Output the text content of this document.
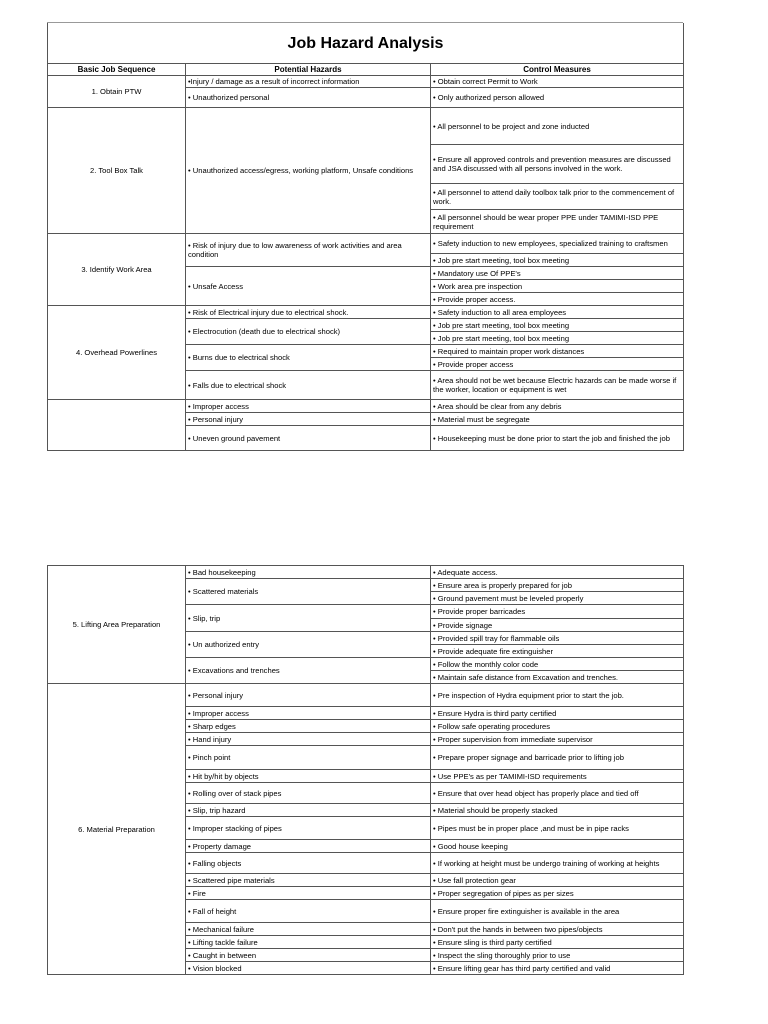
Job Hazard Analysis		
Basic Job Sequence	Potential Hazards	Control Measures
1. Obtain PTW	•Injury / damage as a result of incorrect information	• Obtain correct Permit to Work
	• Unauthorized personal	• Only authorized person allowed
2. Tool Box Talk	• Unauthorized access/egress, working platform, Unsafe conditions	• All personnel to be project and zone inducted
		• Ensure all approved controls and prevention measures are discussed and JSA discussed with all persons involved in the work.
		• All personnel to attend daily toolbox talk prior to the commencement of work.
		• All personnel should be wear proper PPE under TAMIMI-ISD PPE requirement
3. Identify Work Area	• Risk of injury due to low awareness of work activities and area condition	• Safety induction to new employees, specialized training to craftsmen
		• Job pre start meeting, tool box meeting
	• Unsafe Access	• Mandatory use Of PPE's
		• Work area pre inspection
		• Provide proper access.
4. Overhead Powerlines	• Risk of Electrical injury due to electrical shock.	• Safety induction to all area employees
	• Electrocution (death due to electrical shock)	• Job pre start meeting, tool box meeting
		• Job pre start meeting, tool box meeting
	• Burns due to electrical shock	• Required to maintain proper work distances
		• Provide proper access
	• Falls due to electrical shock	• Area should not be wet because Electric hazards can be made worse if the worker, location or equipment is wet
	• Improper access	• Area should be clear from any debris
	• Personal injury	• Material must be segregate
	• Uneven ground pavement	• Housekeeping must be done prior to start the job and finished the job
5. Lifting Area Preparation	• Bad housekeeping	• Adequate access.
	• Scattered materials	• Ensure area is properly prepared for job
		• Ground pavement must be leveled properly
	• Slip, trip	• Provide proper barricades
		• Provide signage
	• Un authorized entry	• Provided spill tray for flammable oils
		• Provide adequate fire extinguisher
	• Excavations and trenches	• Follow the monthly color code
		• Maintain safe distance from Excavation and trenches.
6. Material Preparation	• Personal injury	• Pre inspection of Hydra equipment prior to start the job.
	• Improper access	• Ensure Hydra is third party certified
	• Sharp edges	• Follow safe operating procedures
	• Hand injury	• Proper supervision from immediate supervisor
	• Pinch point	• Prepare proper signage and barricade prior to lifting job
	• Hit by/hit by objects	• Use PPE's as per TAMIMI-ISD requirements
	• Rolling over of stack pipes	• Ensure that over head object has properly place and tied off
	• Slip, trip hazard	• Material should be properly stacked
	• Improper stacking of pipes	• Pipes must be in proper place ,and must be in pipe racks
	• Property damage	• Good house keeping
	• Falling objects	• If working at height must be undergo training of working at heights
	• Scattered pipe materials	• Use fall protection gear
	• Fire	• Proper segregation of pipes as per sizes
	• Fall of height	• Ensure proper fire extinguisher is available in the area
	• Mechanical failure	• Don't put the hands in between two pipes/objects
	• Lifting tackle failure	• Ensure sling is third party certified
	• Caught in between	• Inspect the sling thoroughly prior to use
	• Vision blocked	• Ensure lifting gear has third party certified and valid
